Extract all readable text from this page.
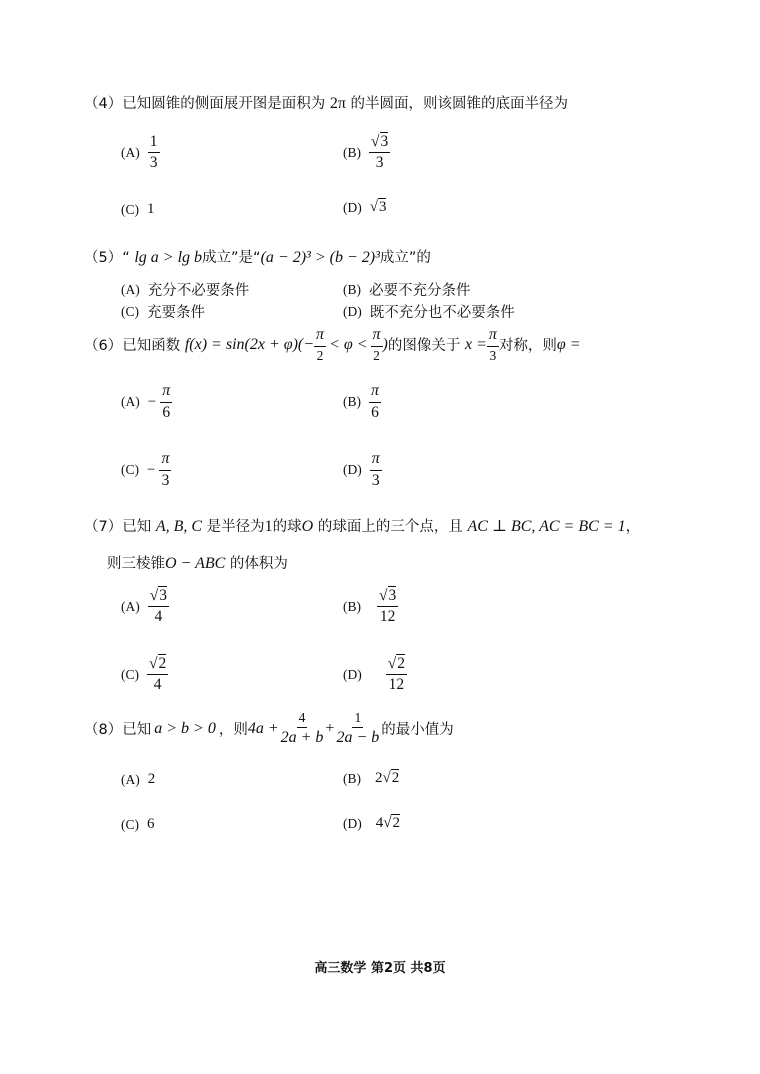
（4）已知圆锥的侧面展开图是面积为 2π 的半圆面，则该圆锥的底面半径为
$(A) \frac{1}{3}$	$(B) \frac{√3}{3}$
(C) 1	(D) √3
（5）“ lg a > lg b成立”是“(a − 2)³ > (b − 2)³成立”的
(A) 充分不必要条件	(B) 必要不充分条件
(C) 充要条件	(D) 既不充分也不必要条件
（6） 已知函数
$f(x) = \sin(2x + \varphi)(- \frac{\pi}{2} < \varphi < \frac{\pi}{2}$ ) 的图像关于
$x = \frac{\pi}{3}$ 对称，则 φ =
$(A) - \frac{\pi}{6}$	$(B) \frac{\pi}{6}$
$(C) - \frac{\pi}{3}$	$(D) \frac{\pi}{3}$
（7）已知 A, B, C 是半径为1的球O 的球面上的三个点，且 AC ⊥ BC, AC = BC = 1，
则三棱锥O − ABC 的体积为
$(A) \frac{√3}{4}$	$(B) \frac{√3}{12}$
$(C) \frac{√2}{4}$	$(D) \frac{√2}{12}$
（8） 已知 a > b > 0 ，则 $4a + \frac{4}{2a + b} + \frac{1}{2a - b}$ 的最小值为
(A) 2	(B) 2 √2
(C) 6	(D) 4 √2
高三数学 第2页 共8页
